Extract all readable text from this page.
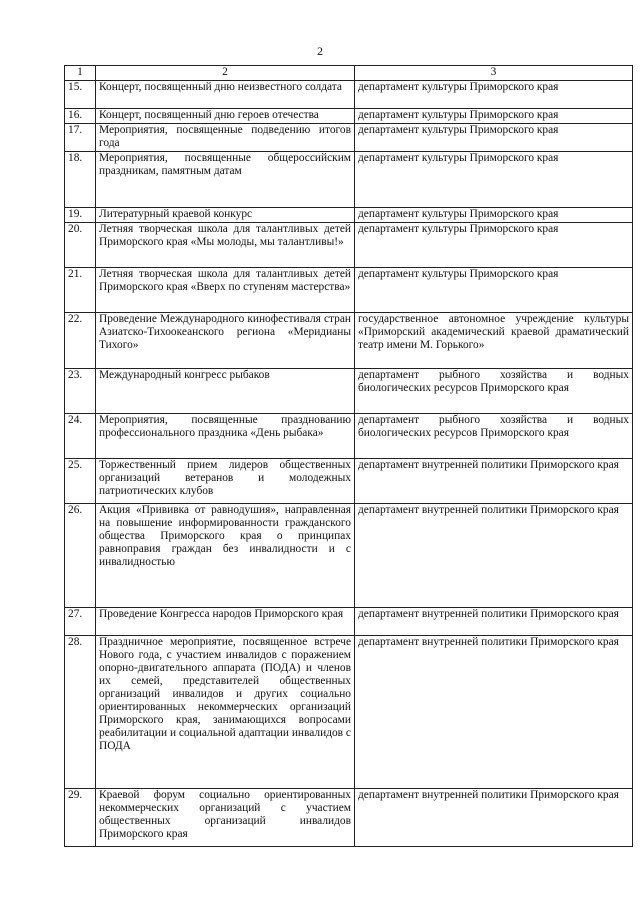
2
1	2	3
15.	Концерт, посвященный дню неизвестного солдата	департамент культуры Приморского края
16.	Концерт, посвященный дню героев отечества	департамент культуры Приморского края
17.	Мероприятия, посвященные подведению итогов года	департамент культуры Приморского края
18.	Мероприятия, посвященные общероссийским праздникам, памятным датам	департамент культуры Приморского края
19.	Литературный краевой конкурс	департамент культуры Приморского края
20.	Летняя творческая школа для талантливых детей Приморского края «Мы молоды, мы талантливы!»	департамент культуры Приморского края
21.	Летняя творческая школа для талантливых детей Приморского края «Вверх по ступеням мастерства»	департамент культуры Приморского края
22.	Проведение Международного кинофестиваля стран Азиатско-Тихоокеанского региона «Меридианы Тихого»	государственное автономное учреждение культуры «Приморский академический краевой драматический театр имени М. Горького»
23.	Международный конгресс рыбаков	департамент рыбного хозяйства и водных биологических ресурсов Приморского края
24.	Мероприятия, посвященные празднованию профессионального праздника «День рыбака»	департамент рыбного хозяйства и водных биологических ресурсов Приморского края
25.	Торжественный прием лидеров общественных организаций ветеранов и молодежных патриотических клубов	департамент внутренней политики Приморского края
26.	Акция «Прививка от равнодушия», направленная на повышение информированности гражданского общества Приморского края о принципах равноправия граждан без инвалидности и с инвалидностью	департамент внутренней политики Приморского края
27.	Проведение Конгресса народов Приморского края	департамент внутренней политики Приморского края
28.	Праздничное мероприятие, посвященное встрече Нового года, с участием инвалидов с поражением опорно-двигательного аппарата (ПОДА) и членов их семей, представителей общественных организаций инвалидов и других социально ориентированных некоммерческих организаций Приморского края, занимающихся вопросами реабилитации и социальной адаптации инвалидов с ПОДА	департамент внутренней политики Приморского края
29.	Краевой форум социально ориентированных некоммерческих организаций с участием общественных организаций инвалидов Приморского края	департамент внутренней политики Приморского края
